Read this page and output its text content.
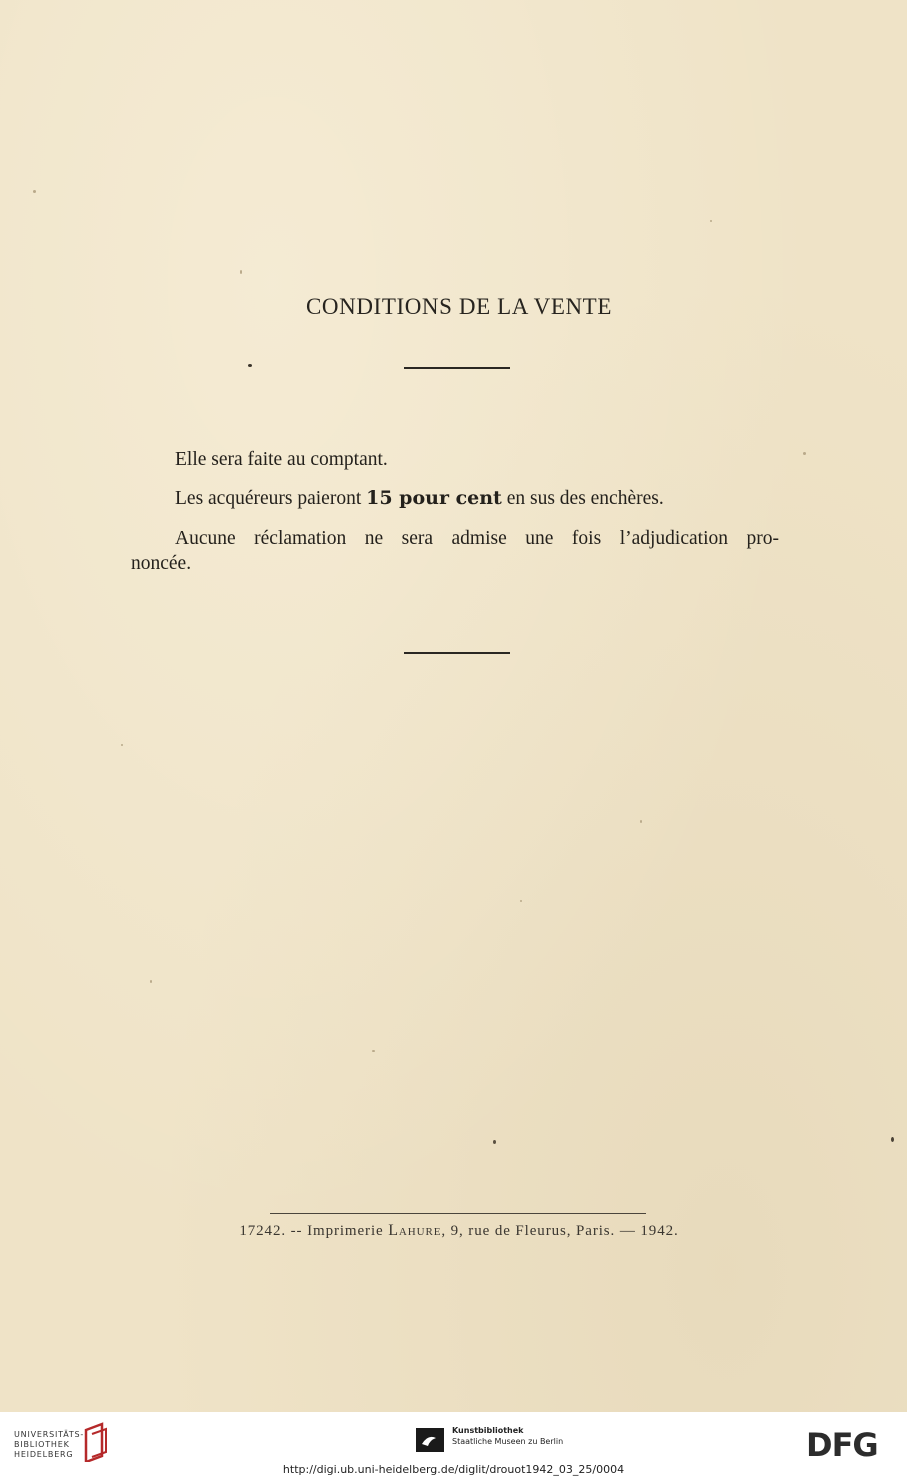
CONDITIONS DE LA VENTE
Elle sera faite au comptant.
Les acquéreurs paieront 15 pour cent en sus des enchères.
Aucune réclamation ne sera admise une fois l’adjudication pro-
noncée.
17242. -- Imprimerie Lahure, 9, rue de Fleurus, Paris. — 1942.
UNIVERSITÄTS-
BIBLIOTHEK
HEIDELBERG
Kunstbibliothek
Staatliche Museen zu Berlin	DFG
http://digi.ub.uni-heidelberg.de/diglit/drouot1942_03_25/0004
